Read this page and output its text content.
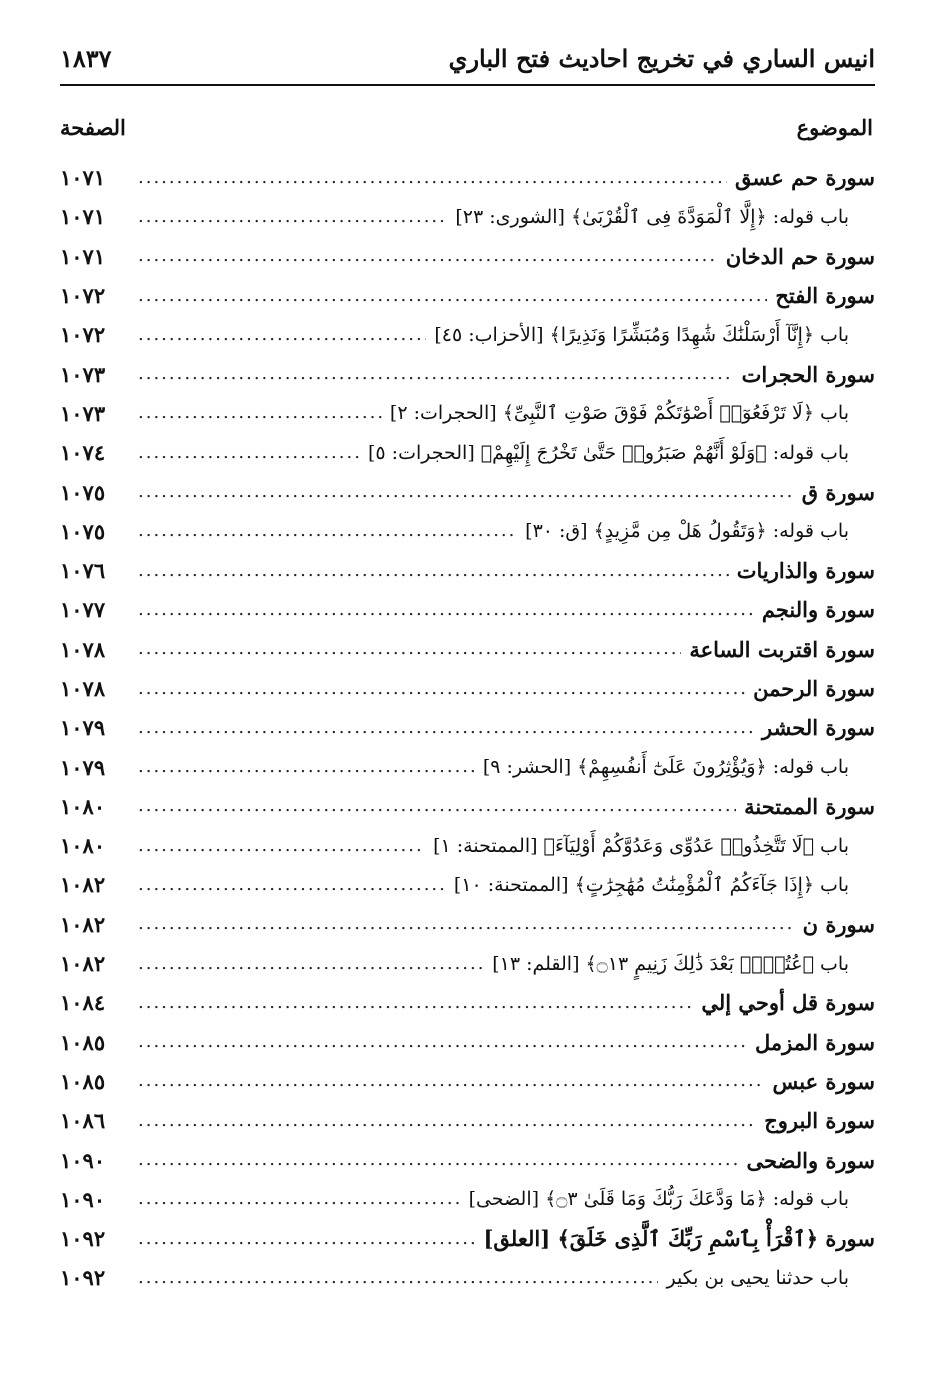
١٨٣٧	انيس الساري في تخريج احاديث فتح الباري
الصفحة	الموضوع
سورة حم عسق
.....
١٠٧١
باب قوله: ﴿إِلَّا ٱلْمَوَدَّةَ فِى ٱلْقُرْبَىٰ﴾ [الشورى: ٢٣]
.....
١٠٧١
سورة حم الدخان
.....
١٠٧١
سورة الفتح
.....
١٠٧٢
باب ﴿إِنَّآ أَرْسَلْنَٰكَ شَٰهِدًا وَمُبَشِّرًا وَنَذِيرًا﴾ [الأحزاب: ٤٥]
.....
١٠٧٢
سورة الحجرات
.....
١٠٧٣
باب ﴿لَا تَرْفَعُوٓا۟ أَصْوَٰتَكُمْ فَوْقَ صَوْتِ ٱلنَّبِىِّ﴾ [الحجرات: ٢]
.....
١٠٧٣
باب قوله: ﴿وَلَوْ أَنَّهُمْ صَبَرُوا۟ حَتَّىٰ تَخْرُجَ إِلَيْهِمْ﴾ [الحجرات: ٥]
.....
١٠٧٤
سورة ق
.....
١٠٧٥
باب قوله: ﴿وَتَقُولُ هَلْ مِن مَّزِيدٍ﴾ [ق: ٣٠]
.....
١٠٧٥
سورة والذاريات
.....
١٠٧٦
سورة والنجم
.....
١٠٧٧
سورة اقتربت الساعة
.....
١٠٧٨
سورة الرحمن
.....
١٠٧٨
سورة الحشر
.....
١٠٧٩
باب قوله: ﴿وَيُؤْثِرُونَ عَلَىٰٓ أَنفُسِهِمْ﴾ [الحشر: ٩]
.....
١٠٧٩
سورة الممتحنة
.....
١٠٨٠
باب ﴿لَا تَتَّخِذُوا۟ عَدُوِّى وَعَدُوَّكُمْ أَوْلِيَآءَ﴾ [الممتحنة: ١]
.....
١٠٨٠
باب ﴿إِذَا جَآءَكُمُ ٱلْمُؤْمِنَٰتُ مُهَٰجِرَٰتٍ﴾ [الممتحنة: ١٠]
.....
١٠٨٢
سورة ن
.....
١٠٨٢
باب ﴿عُتُلٍّۭ بَعْدَ ذَٰلِكَ زَنِيمٍ ۝١٣﴾ [القلم: ١٣]
.....
١٠٨٢
سورة قل أوحي إلي
.....
١٠٨٤
سورة المزمل
.....
١٠٨٥
سورة عبس
.....
١٠٨٥
سورة البروج
.....
١٠٨٦
سورة والضحى
.....
١٠٩٠
باب قوله: ﴿مَا وَدَّعَكَ رَبُّكَ وَمَا قَلَىٰ ۝٣﴾ [الضحى]
.....
١٠٩٠
سورة ﴿ٱقْرَأْ بِٱسْمِ رَبِّكَ ٱلَّذِى خَلَقَ﴾ [العلق]
.....
١٠٩٢
باب حدثنا يحيى بن بكير
.....
١٠٩٢
